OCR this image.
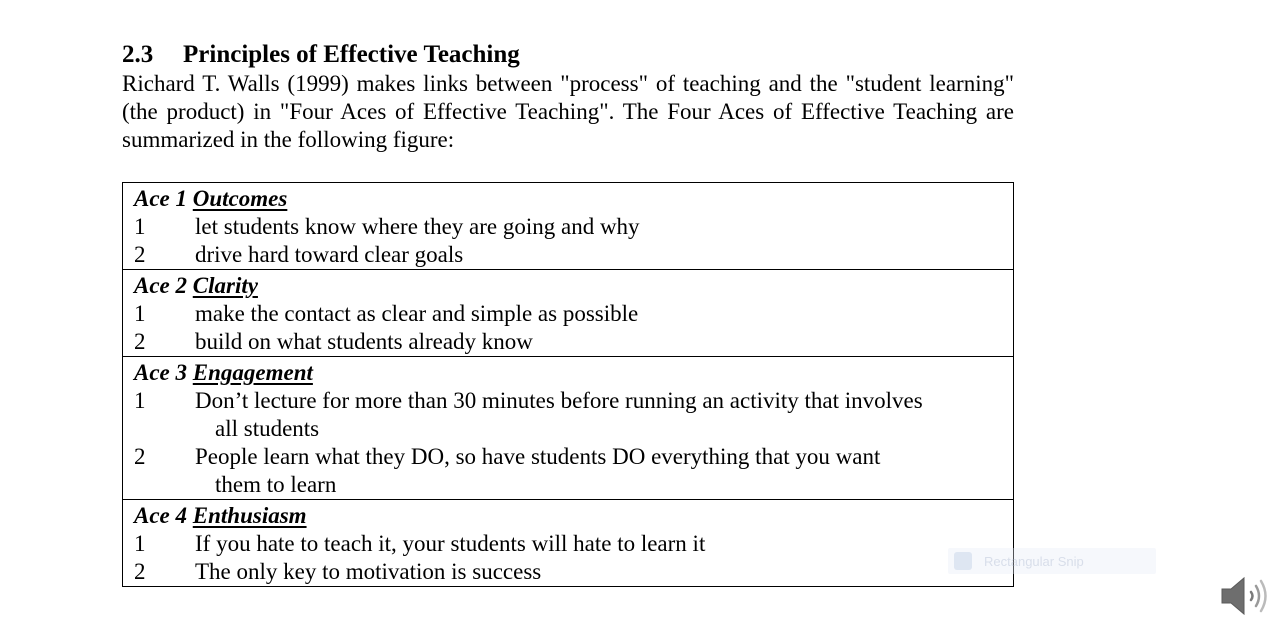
2.3 Principles of Effective Teaching

Richard T. Walls (1999) makes links between "process" of teaching and the "student learning" (the product) in "Four Aces of Effective Teaching". The Four Aces of Effective Teaching are summarized in the following figure:

Ace 1 Outcomes
1	let students know where they are going and why
2	drive hard toward clear goals
Ace 2 Clarity
1	make the contact as clear and simple as possible
2	build on what students already know
Ace 3 Engagement
1	Don’t lecture for more than 30 minutes before running an activity that involves
all students
2	People learn what they DO, so have students DO everything that you want
them to learn
Ace 4 Enthusiasm
1	If you hate to teach it, your students will hate to learn it
2	The only key to motivation is success	Rectangular Snip
